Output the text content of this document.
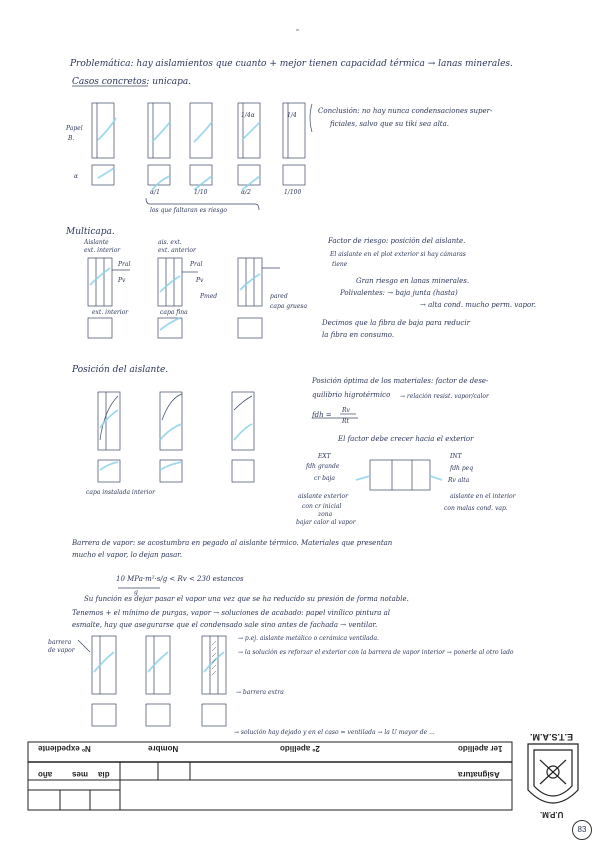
Problemática: hay aislamientos que cuanto + mejor tienen capacidad térmica → lanas minerales.
Casos concretos: unicapa.
Papel
B.
α
1/4α	1/4
α/1	1/10	α/2	1/100
los que faltaran es riesgo
Conclusión: no hay nunca condensaciones super-
ficiales, salvo que su tiki sea alta.
Multicapa.
Aislante
ext. interior
ais. ext.
ext. anterior
Pral
Pv
Pral
Pv
Pmed
ext. interior	capa fina
pared
capa gruesa
Factor de riesgo: posición del aislante.
El aislante en el plot exterior si hay cámaras
tiene
Gran riesgo en lanas minerales.
Polivalentes: → baja junta (hasta)
→ alta cond. mucho perm. vapor.
Decimos que la fibra de baja para reducir
la fibra en consumo.
Posición del aislante.
capa instalada interior
Posición óptima de los materiales: factor de dese-
quilibrio higrotérmico → relación resist. vapor/calor
fdh =
Rv
Rt
El factor debe crecer hacia el exterior
EXT
fdh grande
cr baja
INT
fdh peq
Rv alta
aislante exterior
con cr inicial
zona
bajar calor al vapor
aislante en el interior
con malas cond. vap.
Barrera de vapor: se acostumbra en pegado al aislante térmico. Materiales que presentan
mucho el vapor, lo dejan pasar.
10 MPa·m²·s/g < Rv < 230 estancos
g
Su función es dejar pasar el vapor una vez que se ha reducido su presión de forma notable.
Tenemos + el mínimo de purgas, vapor → soluciones de acabado: papel vinílico pintura al
esmalte, hay que asegurarse que el condensado sale sino antes de fachada → ventilar.
barrera
de vapor
→ p.ej. aislante metálico o cerámica ventilada.
→ la solución es reforzar el exterior con la barrera de vapor interior → ponerle al otro lado
→ barrera extra
→ solución hay dejado y en el caso = ventilada → la U mayor de ...
Nº expediente	Nombre	2º apellido	1er apellido
Asignatura
año mes día
E.T.S.A.M.
U.P.M.
83
